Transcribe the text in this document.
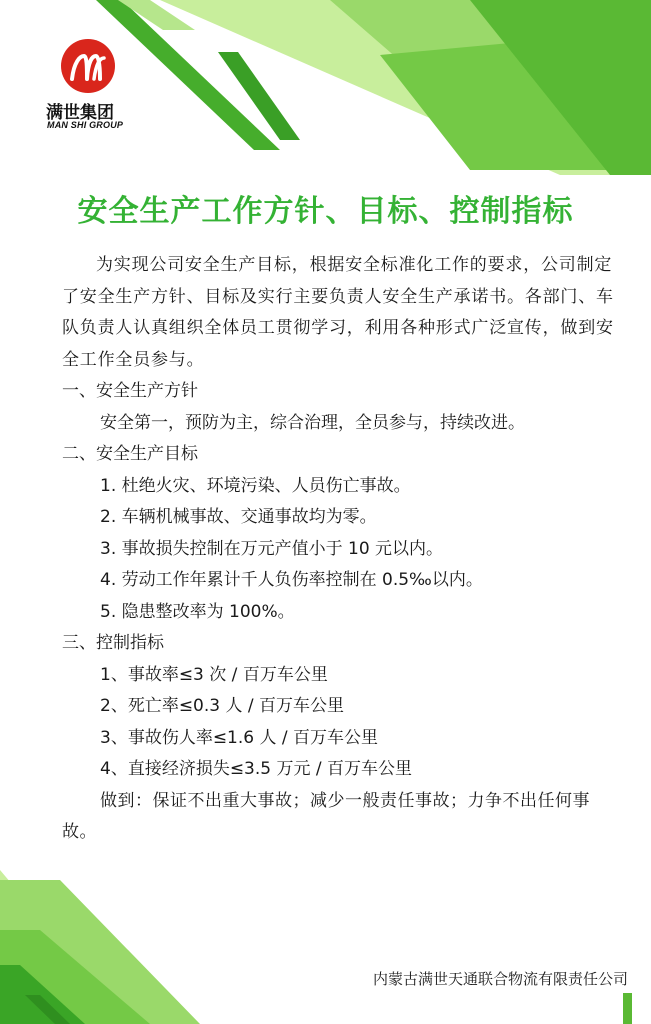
满世集团
MAN SHI GROUP
安全生产工作方针、目标、控制指标

为实现公司安全生产目标，根据安全标准化工作的要求，公司制定了安全生产方针、目标及实行主要负责人安全生产承诺书。各部门、车队负责人认真组织全体员工贯彻学习，利用各种形式广泛宣传，做到安全工作全员参与。

一、安全生产方针

安全第一，预防为主，综合治理，全员参与，持续改进。

二、安全生产目标

1. 杜绝火灾、环境污染、人员伤亡事故。

2. 车辆机械事故、交通事故均为零。

3. 事故损失控制在万元产值小于 10 元以内。

4. 劳动工作年累计千人负伤率控制在 0.5‰以内。

5. 隐患整改率为 100%。

三、控制指标

1、事故率≤3 次 / 百万车公里

2、死亡率≤0.3 人 / 百万车公里

3、事故伤人率≤1.6 人 / 百万车公里

4、直接经济损失≤3.5 万元 / 百万车公里

做到：保证不出重大事故；减少一般责任事故；力争不出任何事故。

内蒙古满世天通联合物流有限责任公司
